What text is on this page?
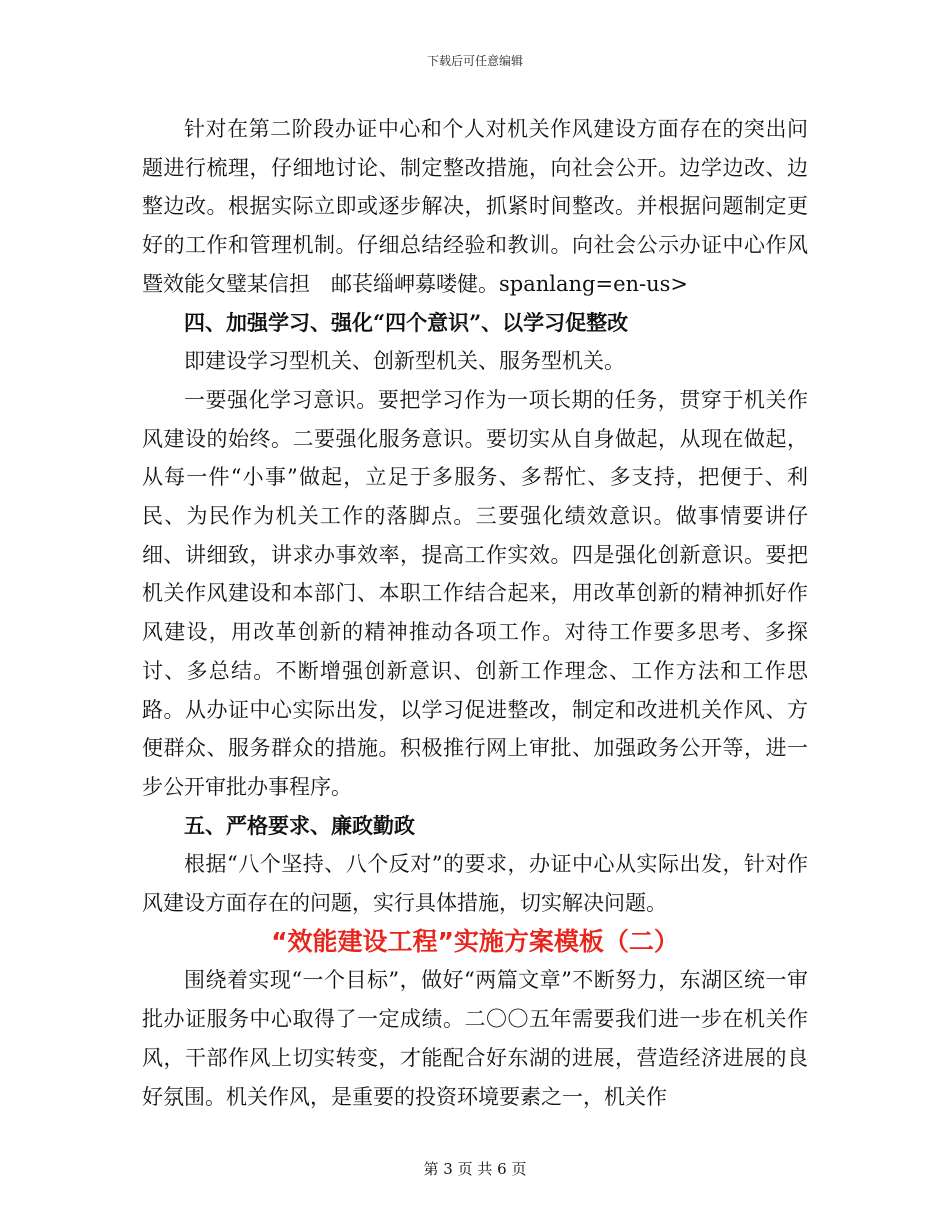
下载后可任意编辑

针对在第二阶段办证中心和个人对机关作风建设方面存在的突出问题进行梳理，仔细地讨论、制定整改措施，向社会公开。边学边改、边整边改。根据实际立即或逐步解决，抓紧时间整改。并根据问题制定更好的工作和管理机制。仔细总结经验和教训。向社会公示办证中心作风暨效能攵璧某信担　邮苌缁岬募喽健。spanlang=en-us>

四、加强学习、强化“四个意识”、以学习促整改

即建设学习型机关、创新型机关、服务型机关。

一要强化学习意识。要把学习作为一项长期的任务，贯穿于机关作风建设的始终。二要强化服务意识。要切实从自身做起，从现在做起，从每一件“小事”做起，立足于多服务、多帮忙、多支持，把便于、利民、为民作为机关工作的落脚点。三要强化绩效意识。做事情要讲仔细、讲细致，讲求办事效率，提高工作实效。四是强化创新意识。要把机关作风建设和本部门、本职工作结合起来，用改革创新的精神抓好作风建设，用改革创新的精神推动各项工作。对待工作要多思考、多探讨、多总结。不断增强创新意识、创新工作理念、工作方法和工作思路。从办证中心实际出发，以学习促进整改，制定和改进机关作风、方便群众、服务群众的措施。积极推行网上审批、加强政务公开等，进一步公开审批办事程序。

五、严格要求、廉政勤政

根据“八个坚持、八个反对”的要求，办证中心从实际出发，针对作风建设方面存在的问题，实行具体措施，切实解决问题。

“效能建设工程”实施方案模板（二）

围绕着实现“一个目标”，做好“两篇文章”不断努力，东湖区统一审批办证服务中心取得了一定成绩。二〇〇五年需要我们进一步在机关作风，干部作风上切实转变，才能配合好东湖的进展，营造经济进展的良好氛围。机关作风，是重要的投资环境要素之一，机关作

第 3 页 共 6 页
